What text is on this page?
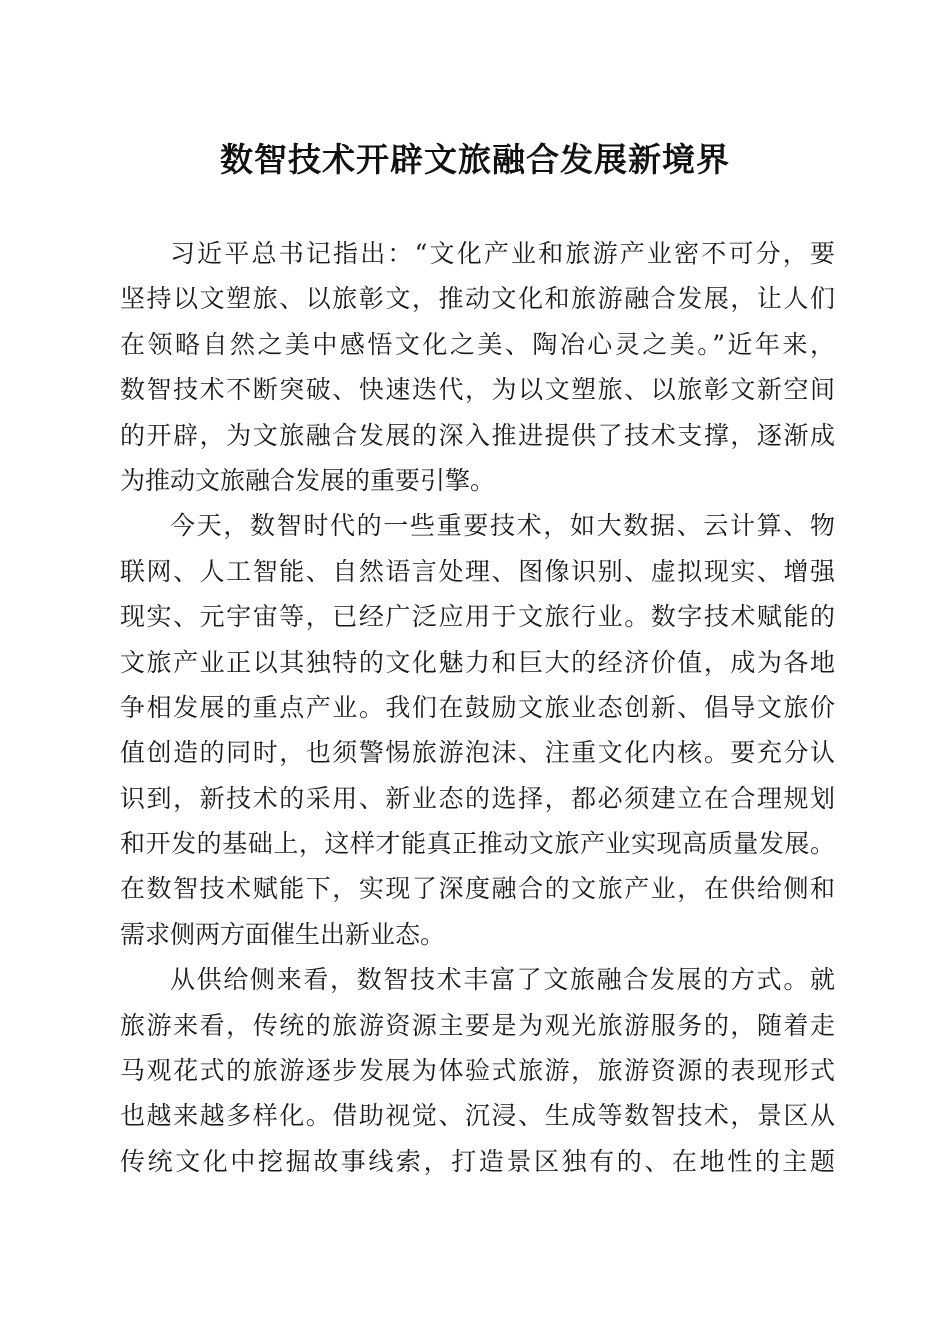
数智技术开辟文旅融合发展新境界

习近平总书记指出：“文化产业和旅游产业密不可分，要
坚持以文塑旅、以旅彰文，推动文化和旅游融合发展，让人们
在领略自然之美中感悟文化之美、陶冶心灵之美。”近年来，
数智技术不断突破、快速迭代，为以文塑旅、以旅彰文新空间
的开辟，为文旅融合发展的深入推进提供了技术支撑，逐渐成
为推动文旅融合发展的重要引擎。

今天，数智时代的一些重要技术，如大数据、云计算、物
联网、人工智能、自然语言处理、图像识别、虚拟现实、增强
现实、元宇宙等，已经广泛应用于文旅行业。数字技术赋能的
文旅产业正以其独特的文化魅力和巨大的经济价值，成为各地
争相发展的重点产业。我们在鼓励文旅业态创新、倡导文旅价
值创造的同时，也须警惕旅游泡沫、注重文化内核。要充分认
识到，新技术的采用、新业态的选择，都必须建立在合理规划
和开发的基础上，这样才能真正推动文旅产业实现高质量发展。
在数智技术赋能下，实现了深度融合的文旅产业，在供给侧和
需求侧两方面催生出新业态。

从供给侧来看，数智技术丰富了文旅融合发展的方式。就
旅游来看，传统的旅游资源主要是为观光旅游服务的，随着走
马观花式的旅游逐步发展为体验式旅游，旅游资源的表现形式
也越来越多样化。借助视觉、沉浸、生成等数智技术，景区从
传统文化中挖掘故事线索，打造景区独有的、在地性的主题
